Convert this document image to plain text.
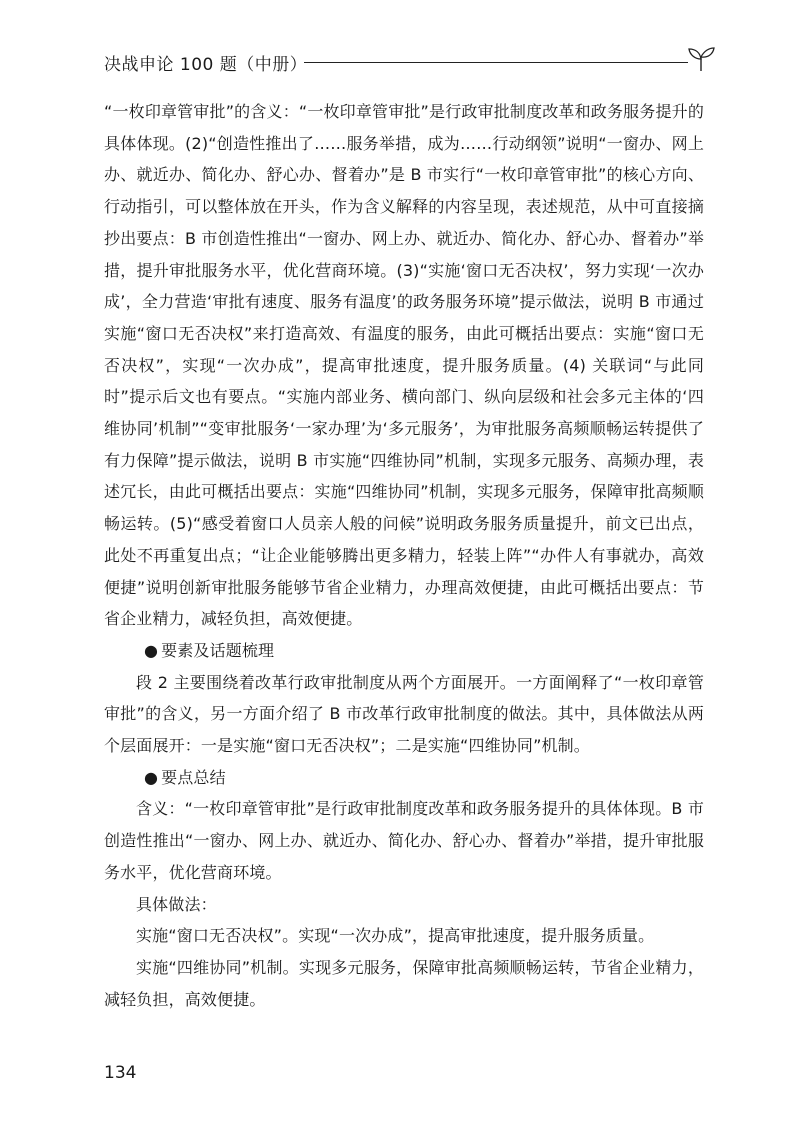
决战申论 100 题（中册）

“一枚印章管审批”的含义：“一枚印章管审批”是行政审批制度改革和政务服务提升的具体体现。(2)“创造性推出了……服务举措，成为……行动纲领”说明“一窗办、网上办、就近办、简化办、舒心办、督着办”是 B 市实行“一枚印章管审批”的核心方向、行动指引，可以整体放在开头，作为含义解释的内容呈现，表述规范，从中可直接摘抄出要点：B 市创造性推出“一窗办、网上办、就近办、简化办、舒心办、督着办”举措，提升审批服务水平，优化营商环境。(3)“实施‘窗口无否决权’，努力实现‘一次办成’，全力营造‘审批有速度、服务有温度’的政务服务环境”提示做法，说明 B 市通过实施“窗口无否决权”来打造高效、有温度的服务，由此可概括出要点：实施“窗口无否决权”，实现“一次办成”，提高审批速度，提升服务质量。(4) 关联词“与此同时”提示后文也有要点。“实施内部业务、横向部门、纵向层级和社会多元主体的‘四维协同’机制”“变审批服务‘一家办理’为‘多元服务’，为审批服务高频顺畅运转提供了有力保障”提示做法，说明 B 市实施“四维协同”机制，实现多元服务、高频办理，表述冗长，由此可概括出要点：实施“四维协同”机制，实现多元服务，保障审批高频顺畅运转。(5)“感受着窗口人员亲人般的问候”说明政务服务质量提升，前文已出点，此处不再重复出点；“让企业能够腾出更多精力，轻装上阵”“办件人有事就办，高效便捷”说明创新审批服务能够节省企业精力，办理高效便捷，由此可概括出要点：节省企业精力，减轻负担，高效便捷。

● 要素及话题梳理

段 2 主要围绕着改革行政审批制度从两个方面展开。一方面阐释了“一枚印章管审批”的含义，另一方面介绍了 B 市改革行政审批制度的做法。其中，具体做法从两个层面展开：一是实施“窗口无否决权”；二是实施“四维协同”机制。

● 要点总结

含义：“一枚印章管审批”是行政审批制度改革和政务服务提升的具体体现。B 市创造性推出“一窗办、网上办、就近办、简化办、舒心办、督着办”举措，提升审批服务水平，优化营商环境。

具体做法：

实施“窗口无否决权”。实现“一次办成”，提高审批速度，提升服务质量。

实施“四维协同”机制。实现多元服务，保障审批高频顺畅运转，节省企业精力，减轻负担，高效便捷。

134
